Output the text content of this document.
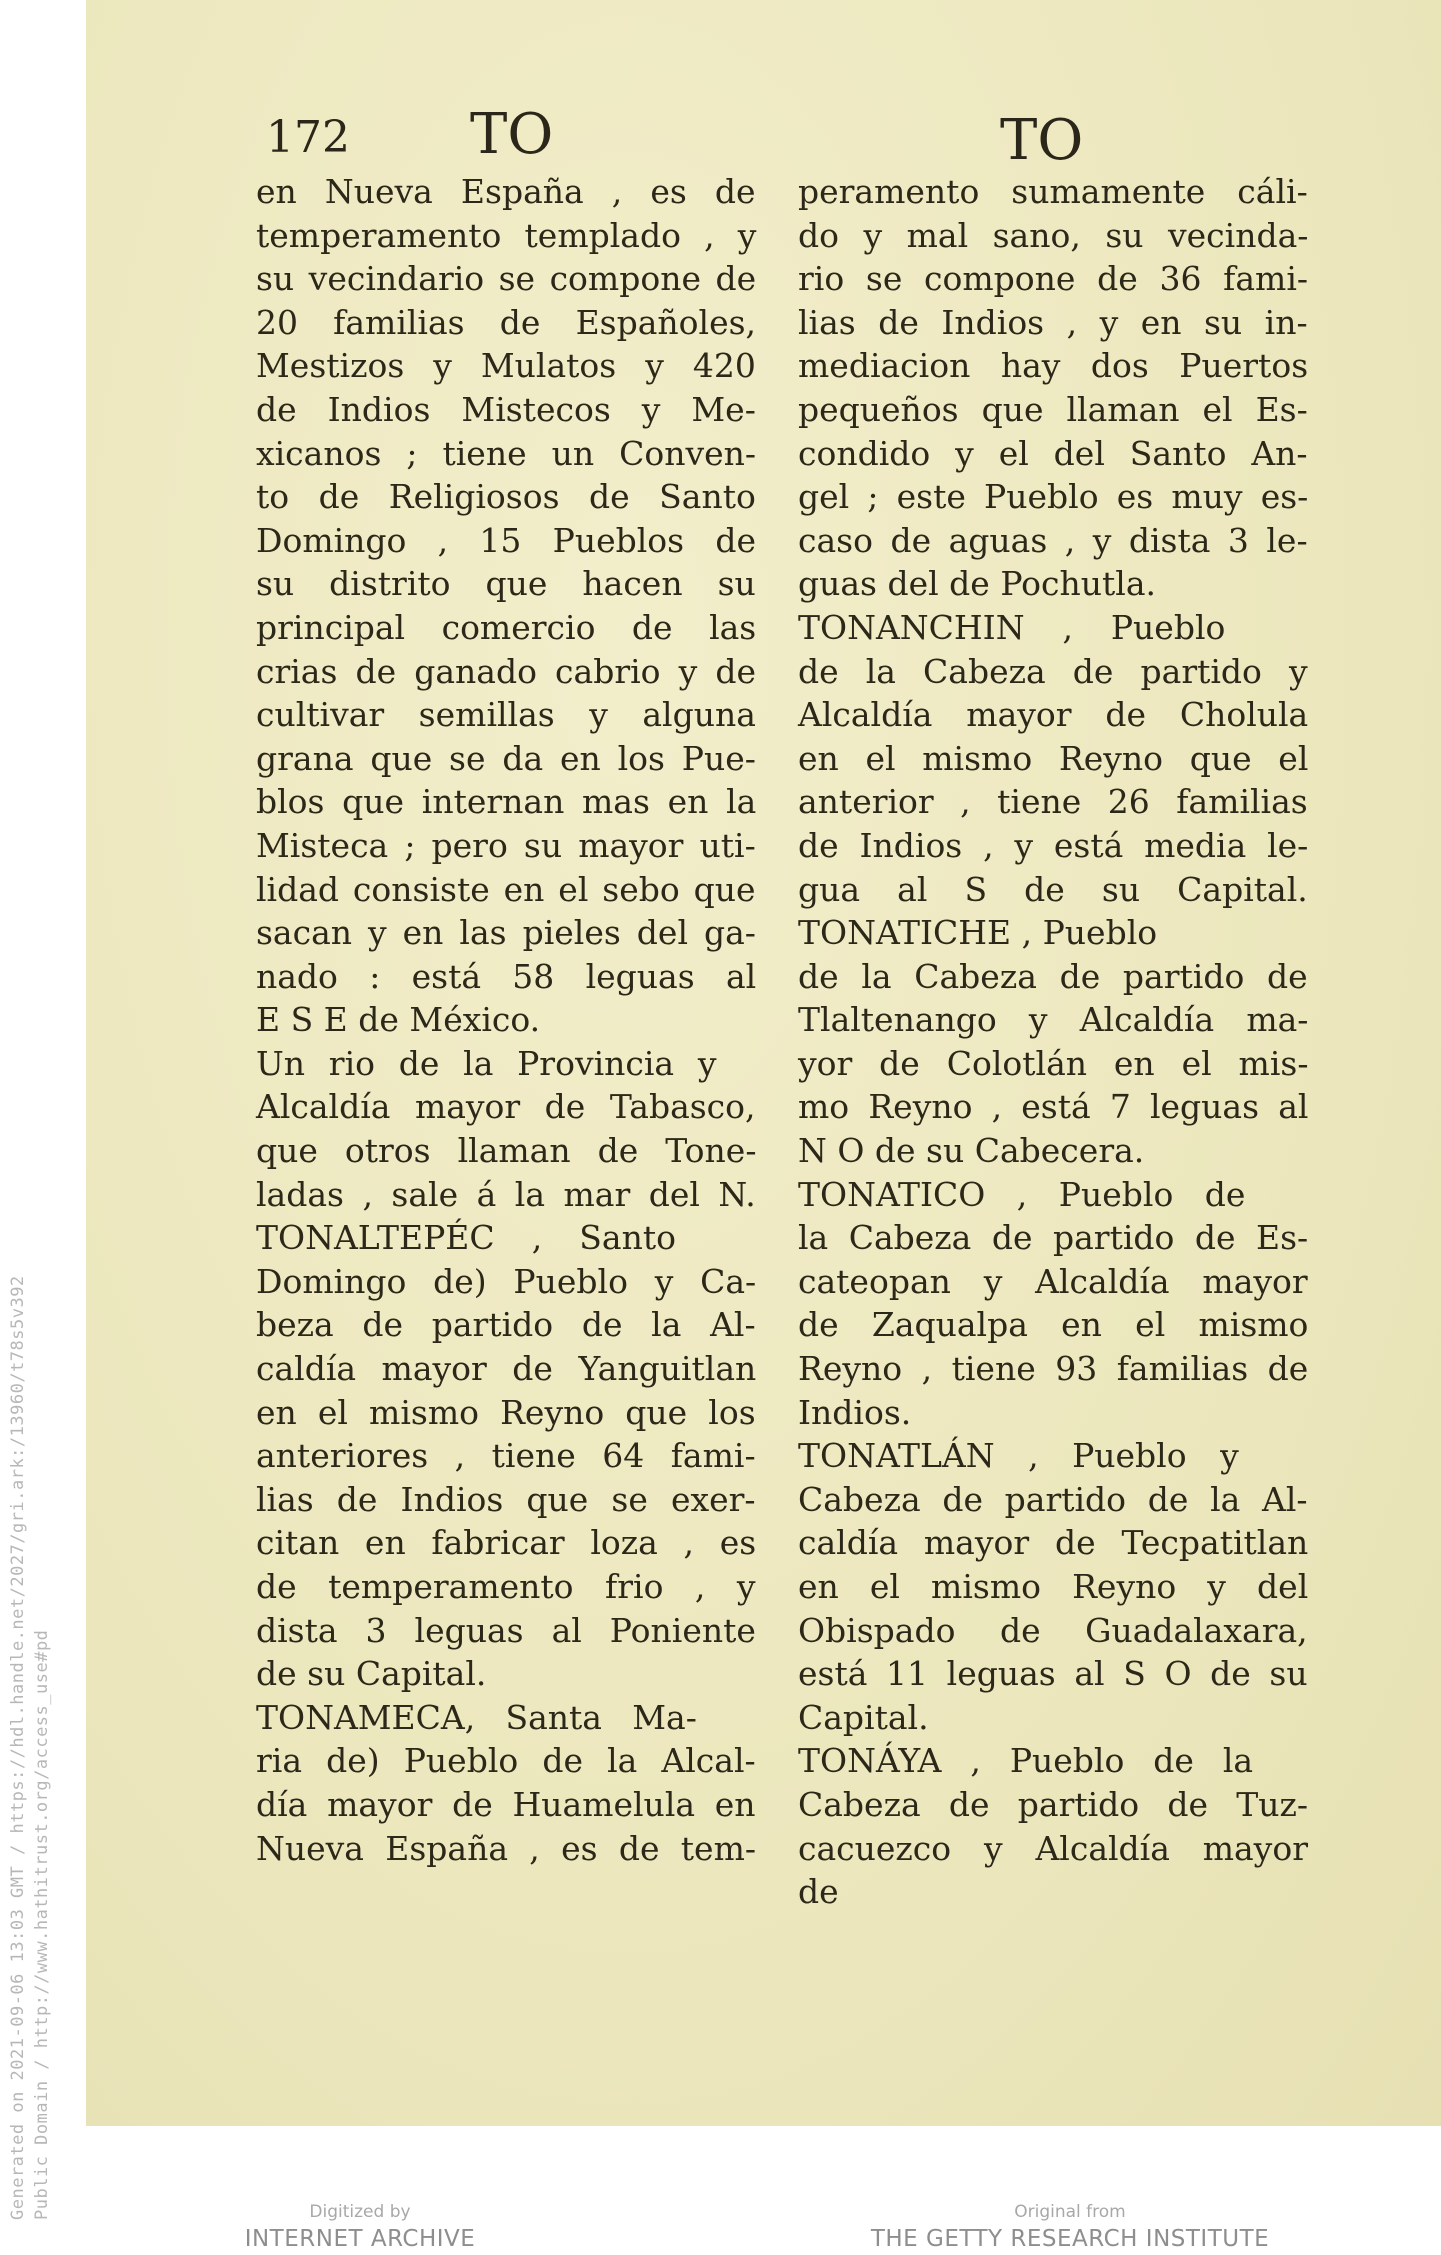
Generated on 2021-09-06 13:03 GMT / https://hdl.handle.net/2027/gri.ark:/13960/t78s5v392 Public Domain / http://www.hathitrust.org/access_use#pd
172 TO	TO
en Nueva España , es de
temperamento templado , y
su vecindario se compone de
20 familias de Españoles,
Mestizos y Mulatos y 420
de Indios Mistecos y Me-
xicanos ; tiene un Conven-
to de Religiosos de Santo
Domingo , 15 Pueblos de
su distrito que hacen su
principal comercio de las
crias de ganado cabrio y de
cultivar semillas y alguna
grana que se da en los Pue-
blos que internan mas en la
Misteca ; pero su mayor uti-
lidad consiste en el sebo que
sacan y en las pieles del ga-
nado : está 58 leguas al
E S E de México.
Un rio de la Provincia y
Alcaldía mayor de Tabasco,
que otros llaman de Tone-
ladas , sale á la mar del N.
TONALTEPÉC , Santo
Domingo de) Pueblo y Ca-
beza de partido de la Al-
caldía mayor de Yanguitlan
en el mismo Reyno que los
anteriores , tiene 64 fami-
lias de Indios que se exer-
citan en fabricar loza , es
de temperamento frio , y
dista 3 leguas al Poniente
de su Capital.
TONAMECA, Santa Ma-
ria de) Pueblo de la Alcal-
día mayor de Huamelula en
Nueva España , es de tem-
peramento sumamente cáli-
do y mal sano, su vecinda-
rio se compone de 36 fami-
lias de Indios , y en su in-
mediacion hay dos Puertos
pequeños que llaman el Es-
condido y el del Santo An-
gel ; este Pueblo es muy es-
caso de aguas , y dista 3 le-
guas del de Pochutla.
TONANCHIN , Pueblo
de la Cabeza de partido y
Alcaldía mayor de Cholula
en el mismo Reyno que el
anterior , tiene 26 familias
de Indios , y está media le-
gua al S de su Capital.
TONATICHE , Pueblo
de la Cabeza de partido de
Tlaltenango y Alcaldía ma-
yor de Colotlán en el mis-
mo Reyno , está 7 leguas al
N O de su Cabecera.
TONATICO , Pueblo de
la Cabeza de partido de Es-
cateopan y Alcaldía mayor
de Zaqualpa en el mismo
Reyno , tiene 93 familias de
Indios.
TONATLÁN , Pueblo y
Cabeza de partido de la Al-
caldía mayor de Tecpatitlan
en el mismo Reyno y del
Obispado de Guadalaxara,
está 11 leguas al S O de su
Capital.
TONÁYA , Pueblo de la
Cabeza de partido de Tuz-
cacuezco y Alcaldía mayor
de
Digitized by
INTERNET ARCHIVE
Original from
THE GETTY RESEARCH INSTITUTE
